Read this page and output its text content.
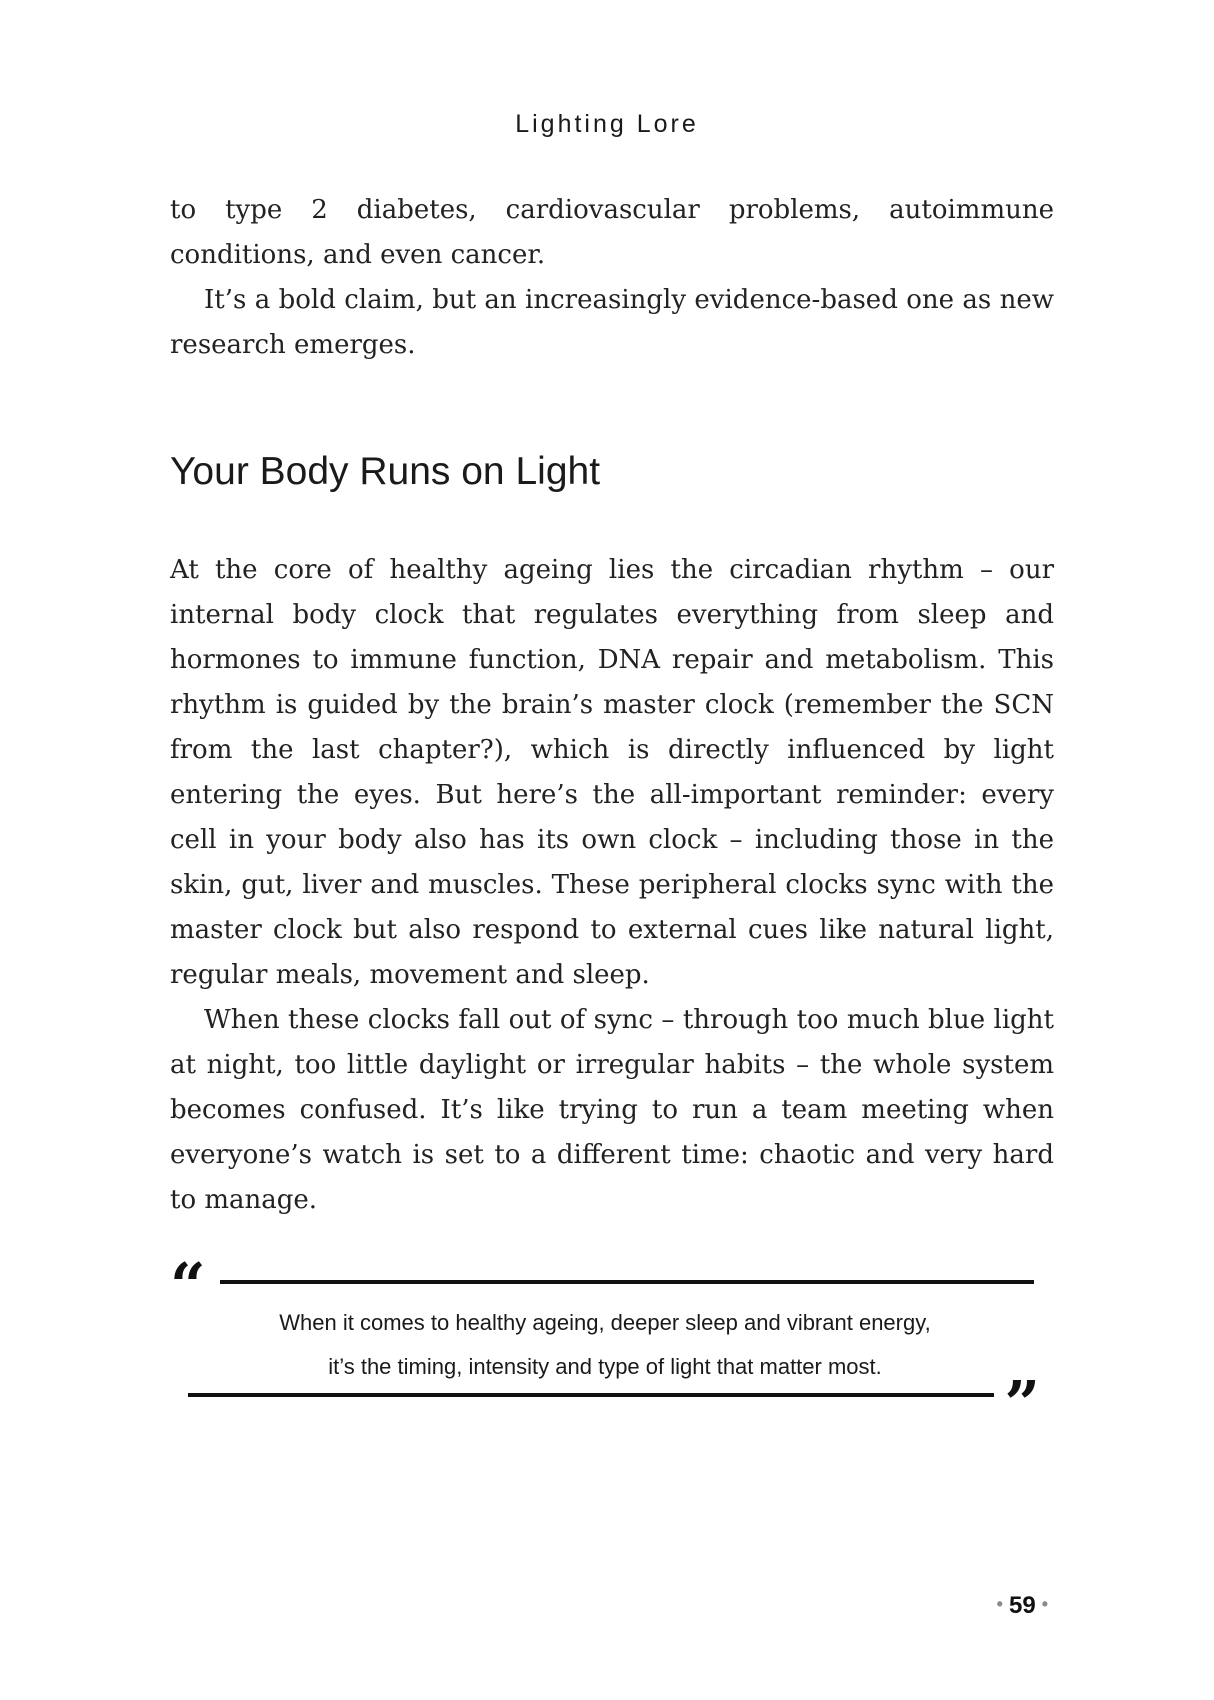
Lighting Lore

to type 2 diabetes, cardiovascular problems, autoimmune conditions, and even cancer.

It’s a bold claim, but an increasingly evidence-based one as new research emerges.

Your Body Runs on Light

At the core of healthy ageing lies the circadian rhythm – our internal body clock that regulates everything from sleep and hormones to immune function, DNA repair and metabolism. This rhythm is guided by the brain’s master clock (remember the SCN from the last chapter?), which is directly influenced by light entering the eyes. But here’s the all-important reminder: every cell in your body also has its own clock – including those in the skin, gut, liver and muscles. These peripheral clocks sync with the master clock but also respond to external cues like natural light, regular meals, movement and sleep.

When these clocks fall out of sync – through too much blue light at night, too little daylight or irregular habits – the whole system becomes confused. It’s like trying to run a team meeting when everyone’s watch is set to a different time: chaotic and very hard to manage.

“

When it comes to healthy ageing, deeper sleep and vibrant energy,
it’s the timing, intensity and type of light that matter most.

”
• 59 •
